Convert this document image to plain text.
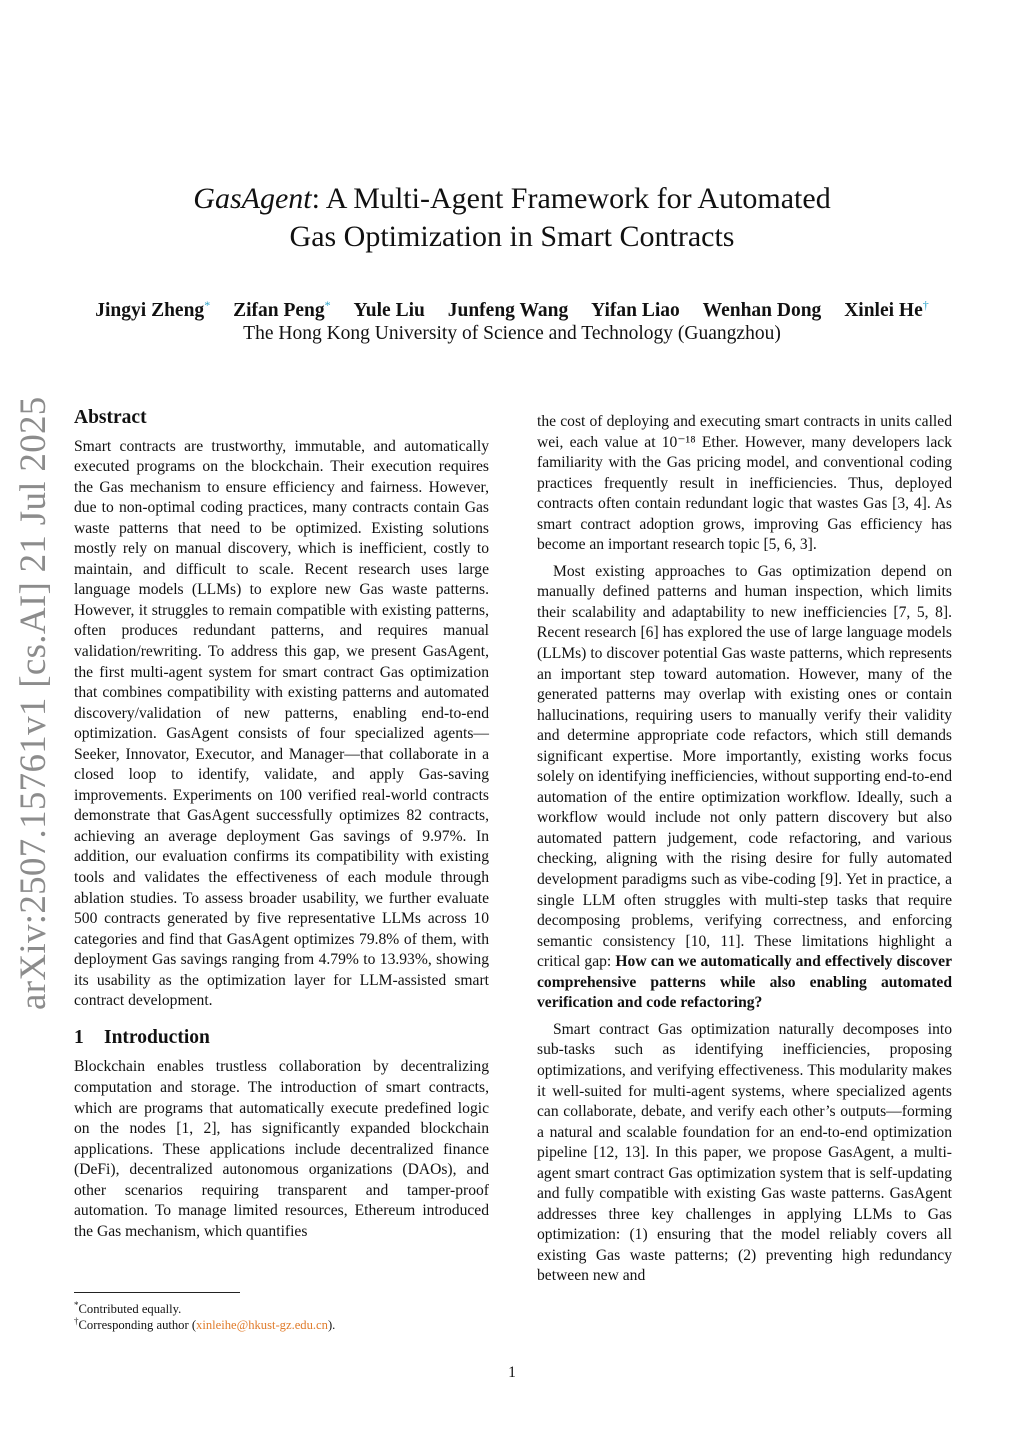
arXiv:2507.15761v1 [cs.AI] 21 Jul 2025
GasAgent: A Multi-Agent Framework for Automated
Gas Optimization in Smart Contracts
Jingyi Zheng* Zifan Peng* Yule Liu Junfeng Wang Yifan Liao Wenhan Dong Xinlei He†
The Hong Kong University of Science and Technology (Guangzhou)
Abstract

Smart contracts are trustworthy, immutable, and automatically executed programs on the blockchain. Their execution requires the Gas mechanism to ensure efficiency and fairness. However, due to non-optimal coding practices, many contracts contain Gas waste patterns that need to be optimized. Existing solutions mostly rely on manual discovery, which is inefficient, costly to maintain, and difficult to scale. Recent research uses large language models (LLMs) to explore new Gas waste patterns. However, it struggles to remain compatible with existing patterns, often produces redundant patterns, and requires manual validation/rewriting. To address this gap, we present GasAgent, the first multi-agent system for smart contract Gas optimization that combines compatibility with existing patterns and automated discovery/validation of new patterns, enabling end-to-end optimization. GasAgent consists of four specialized agents—Seeker, Innovator, Executor, and Manager—that collaborate in a closed loop to identify, validate, and apply Gas-saving improvements. Experiments on 100 verified real-world contracts demonstrate that GasAgent successfully optimizes 82 contracts, achieving an average deployment Gas savings of 9.97%. In addition, our evaluation confirms its compatibility with existing tools and validates the effectiveness of each module through ablation studies. To assess broader usability, we further evaluate 500 contracts generated by five representative LLMs across 10 categories and find that GasAgent optimizes 79.8% of them, with deployment Gas savings ranging from 4.79% to 13.93%, showing its usability as the optimization layer for LLM-assisted smart contract development.

1	Introduction

Blockchain enables trustless collaboration by decentralizing computation and storage. The introduction of smart contracts, which are programs that automatically execute predefined logic on the nodes [1, 2], has significantly expanded blockchain applications. These applications include decentralized finance (DeFi), decentralized autonomous organizations (DAOs), and other scenarios requiring transparent and tamper-proof automation. To manage limited resources, Ethereum introduced the Gas mechanism, which quantifies

the cost of deploying and executing smart contracts in units called wei, each value at 10⁻¹⁸ Ether. However, many developers lack familiarity with the Gas pricing model, and conventional coding practices frequently result in inefficiencies. Thus, deployed contracts often contain redundant logic that wastes Gas [3, 4]. As smart contract adoption grows, improving Gas efficiency has become an important research topic [5, 6, 3].

Most existing approaches to Gas optimization depend on manually defined patterns and human inspection, which limits their scalability and adaptability to new inefficiencies [7, 5, 8]. Recent research [6] has explored the use of large language models (LLMs) to discover potential Gas waste patterns, which represents an important step toward automation. However, many of the generated patterns may overlap with existing ones or contain hallucinations, requiring users to manually verify their validity and determine appropriate code refactors, which still demands significant expertise. More importantly, existing works focus solely on identifying inefficiencies, without supporting end-to-end automation of the entire optimization workflow. Ideally, such a workflow would include not only pattern discovery but also automated pattern judgement, code refactoring, and various checking, aligning with the rising desire for fully automated development paradigms such as vibe-coding [9]. Yet in practice, a single LLM often struggles with multi-step tasks that require decomposing problems, verifying correctness, and enforcing semantic consistency [10, 11]. These limitations highlight a critical gap: How can we automatically and effectively discover comprehensive patterns while also enabling automated verification and code refactoring?

Smart contract Gas optimization naturally decomposes into sub-tasks such as identifying inefficiencies, proposing optimizations, and verifying effectiveness. This modularity makes it well-suited for multi-agent systems, where specialized agents can collaborate, debate, and verify each other’s outputs—forming a natural and scalable foundation for an end-to-end optimization pipeline [12, 13]. In this paper, we propose GasAgent, a multi-agent smart contract Gas optimization system that is self-updating and fully compatible with existing Gas waste patterns. GasAgent addresses three key challenges in applying LLMs to Gas optimization: (1) ensuring that the model reliably covers all existing Gas waste patterns; (2) preventing high redundancy between new and

*Contributed equally.
†Corresponding author (xinleihe@hkust-gz.edu.cn).
1
